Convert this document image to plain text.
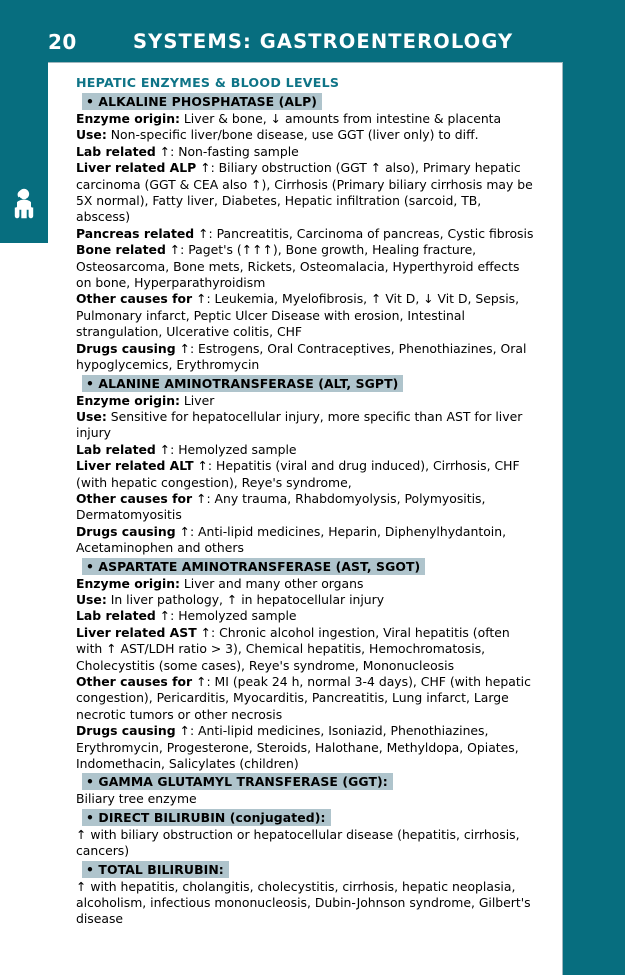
20	SYSTEMS: GASTROENTEROLOGY
HEPATIC ENZYMES & BLOOD LEVELS
• ALKALINE PHOSPHATASE (ALP)

Enzyme origin: Liver & bone, ↓ amounts from intestine & placenta

Use: Non-specific liver/bone disease, use GGT (liver only) to diff.

Lab related ↑: Non-fasting sample

Liver related ALP ↑: Biliary obstruction (GGT ↑ also), Primary hepatic carcinoma (GGT & CEA also ↑), Cirrhosis (Primary biliary cirrhosis may be 5X normal), Fatty liver, Diabetes, Hepatic infiltration (sarcoid, TB, abscess)

Pancreas related ↑: Pancreatitis, Carcinoma of pancreas, Cystic fibrosis

Bone related ↑: Paget's (↑↑↑), Bone growth, Healing fracture, Osteosarcoma, Bone mets, Rickets, Osteomalacia, Hyperthyroid effects on bone, Hyperparathyroidism

Other causes for ↑: Leukemia, Myelofibrosis, ↑ Vit D, ↓ Vit D, Sepsis, Pulmonary infarct, Peptic Ulcer Disease with erosion, Intestinal strangulation, Ulcerative colitis, CHF

Drugs causing ↑: Estrogens, Oral Contraceptives, Phenothiazines, Oral hypoglycemics, Erythromycin

• ALANINE AMINOTRANSFERASE (ALT, SGPT)

Enzyme origin: Liver

Use: Sensitive for hepatocellular injury, more specific than AST for liver injury

Lab related ↑: Hemolyzed sample

Liver related ALT ↑: Hepatitis (viral and drug induced), Cirrhosis, CHF (with hepatic congestion), Reye's syndrome,

Other causes for ↑: Any trauma, Rhabdomyolysis, Polymyositis, Dermatomyositis

Drugs causing ↑: Anti-lipid medicines, Heparin, Diphenylhydantoin, Acetaminophen and others

• ASPARTATE AMINOTRANSFERASE (AST, SGOT)

Enzyme origin: Liver and many other organs

Use: In liver pathology, ↑ in hepatocellular injury

Lab related ↑: Hemolyzed sample

Liver related AST ↑: Chronic alcohol ingestion, Viral hepatitis (often with ↑ AST/LDH ratio > 3), Chemical hepatitis, Hemochromatosis, Cholecystitis (some cases), Reye's syndrome, Mononucleosis

Other causes for ↑: MI (peak 24 h, normal 3-4 days), CHF (with hepatic congestion), Pericarditis, Myocarditis, Pancreatitis, Lung infarct, Large necrotic tumors or other necrosis

Drugs causing ↑: Anti-lipid medicines, Isoniazid, Phenothiazines, Erythromycin, Progesterone, Steroids, Halothane, Methyldopa, Opiates, Indomethacin, Salicylates (children)

• GAMMA GLUTAMYL TRANSFERASE (GGT):

Biliary tree enzyme

• DIRECT BILIRUBIN (conjugated):

↑ with biliary obstruction or hepatocellular disease (hepatitis, cirrhosis, cancers)

• TOTAL BILIRUBIN:

↑ with hepatitis, cholangitis, cholecystitis, cirrhosis, hepatic neoplasia, alcoholism, infectious mononucleosis, Dubin-Johnson syndrome, Gilbert's disease
